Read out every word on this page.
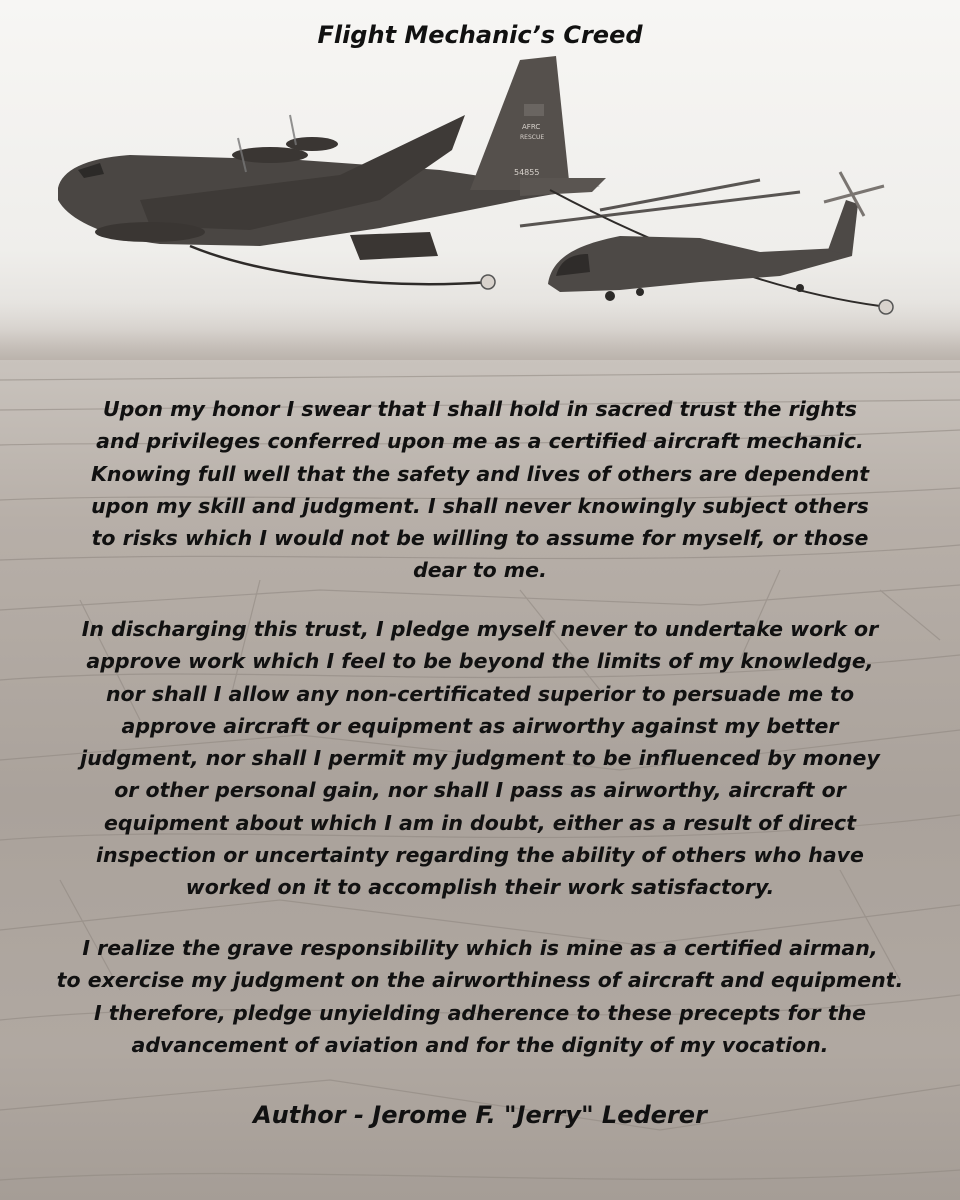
AFRC
RESCUE
54855
Flight Mechanic’s Creed
Upon my honor I swear that I shall hold in sacred trust the rights
and privileges conferred upon me as a certified aircraft mechanic.
Knowing full well that the safety and lives of others are dependent
upon my skill and judgment. I shall never knowingly subject others
to risks which I would not be willing to assume for myself, or those
dear to me.
In discharging this trust, I pledge myself never to undertake work or
approve work which I feel to be beyond the limits of my knowledge,
nor shall I allow any non-certificated superior to persuade me to
approve aircraft or equipment as airworthy against my better
judgment, nor shall I permit my judgment to be influenced by money
or other personal gain, nor shall I pass as airworthy, aircraft or
equipment about which I am in doubt, either as a result of direct
inspection or uncertainty regarding the ability of others who have
worked on it to accomplish their work satisfactory.
I realize the grave responsibility which is mine as a certified airman,
to exercise my judgment on the airworthiness of aircraft and equipment.
I therefore, pledge unyielding adherence to these precepts for the
advancement of aviation and for the dignity of my vocation.
Author - Jerome F. "Jerry" Lederer
